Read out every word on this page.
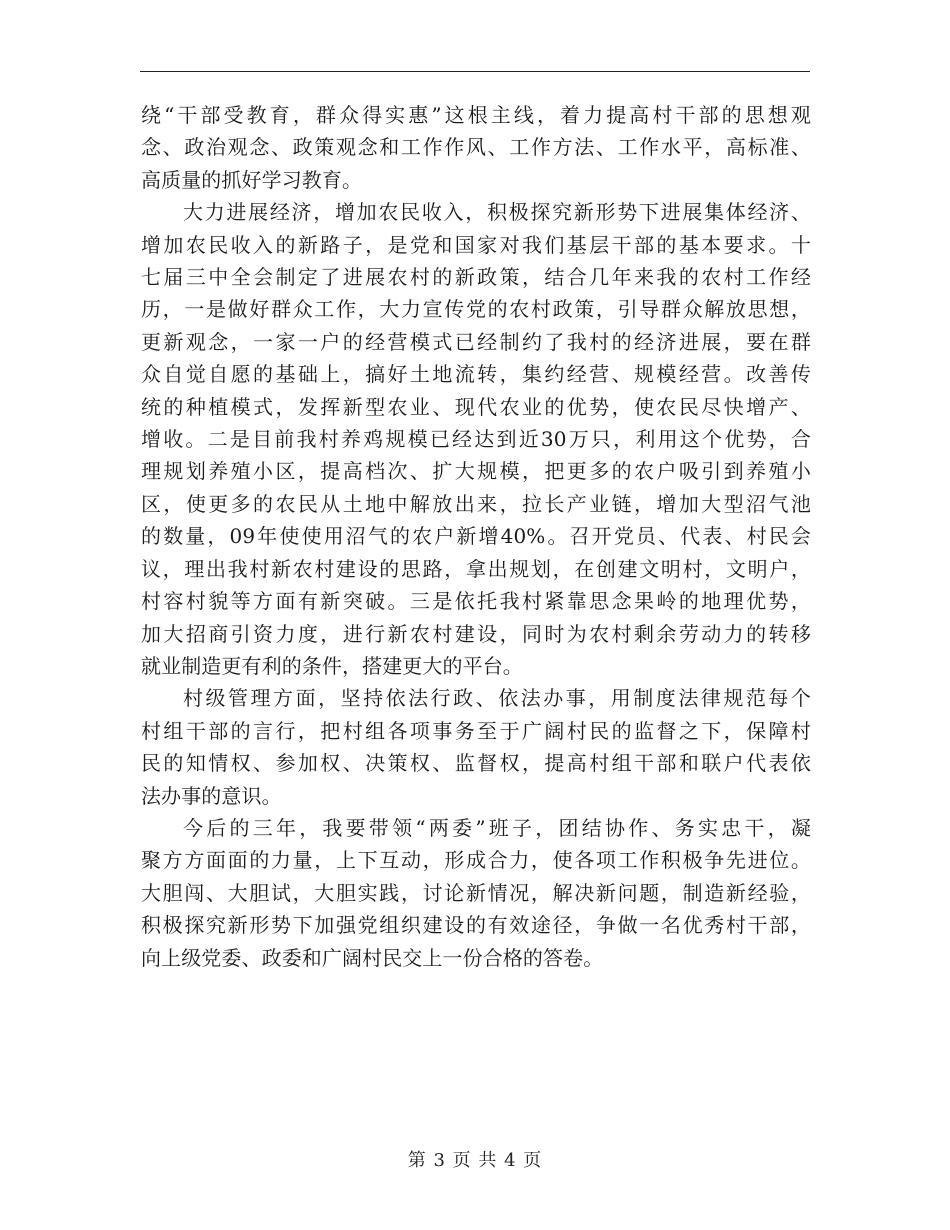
绕“干部受教育，群众得实惠”这根主线，着力提高村干部的思想观
念、政治观念、政策观念和工作作风、工作方法、工作水平，高标准、
高质量的抓好学习教育。

大力进展经济，增加农民收入，积极探究新形势下进展集体经济、
增加农民收入的新路子，是党和国家对我们基层干部的基本要求。十
七届三中全会制定了进展农村的新政策，结合几年来我的农村工作经
历，一是做好群众工作，大力宣传党的农村政策，引导群众解放思想，
更新观念，一家一户的经营模式已经制约了我村的经济进展，要在群
众自觉自愿的基础上，搞好土地流转，集约经营、规模经营。改善传
统的种植模式，发挥新型农业、现代农业的优势，使农民尽快增产、
增收。二是目前我村养鸡规模已经达到近30万只，利用这个优势，合
理规划养殖小区，提高档次、扩大规模，把更多的农户吸引到养殖小
区，使更多的农民从土地中解放出来，拉长产业链，增加大型沼气池
的数量，09年使使用沼气的农户新增40%。召开党员、代表、村民会
议，理出我村新农村建设的思路，拿出规划，在创建文明村，文明户，
村容村貌等方面有新突破。三是依托我村紧靠思念果岭的地理优势，
加大招商引资力度，进行新农村建设，同时为农村剩余劳动力的转移
就业制造更有利的条件，搭建更大的平台。

村级管理方面，坚持依法行政、依法办事，用制度法律规范每个
村组干部的言行，把村组各项事务至于广阔村民的监督之下，保障村
民的知情权、参加权、决策权、监督权，提高村组干部和联户代表依
法办事的意识。

今后的三年，我要带领“两委”班子，团结协作、务实忠干，凝
聚方方面面的力量，上下互动，形成合力，使各项工作积极争先进位。
大胆闯、大胆试，大胆实践，讨论新情况，解决新问题，制造新经验，
积极探究新形势下加强党组织建设的有效途径，争做一名优秀村干部，
向上级党委、政委和广阔村民交上一份合格的答卷。

第 3 页 共 4 页
